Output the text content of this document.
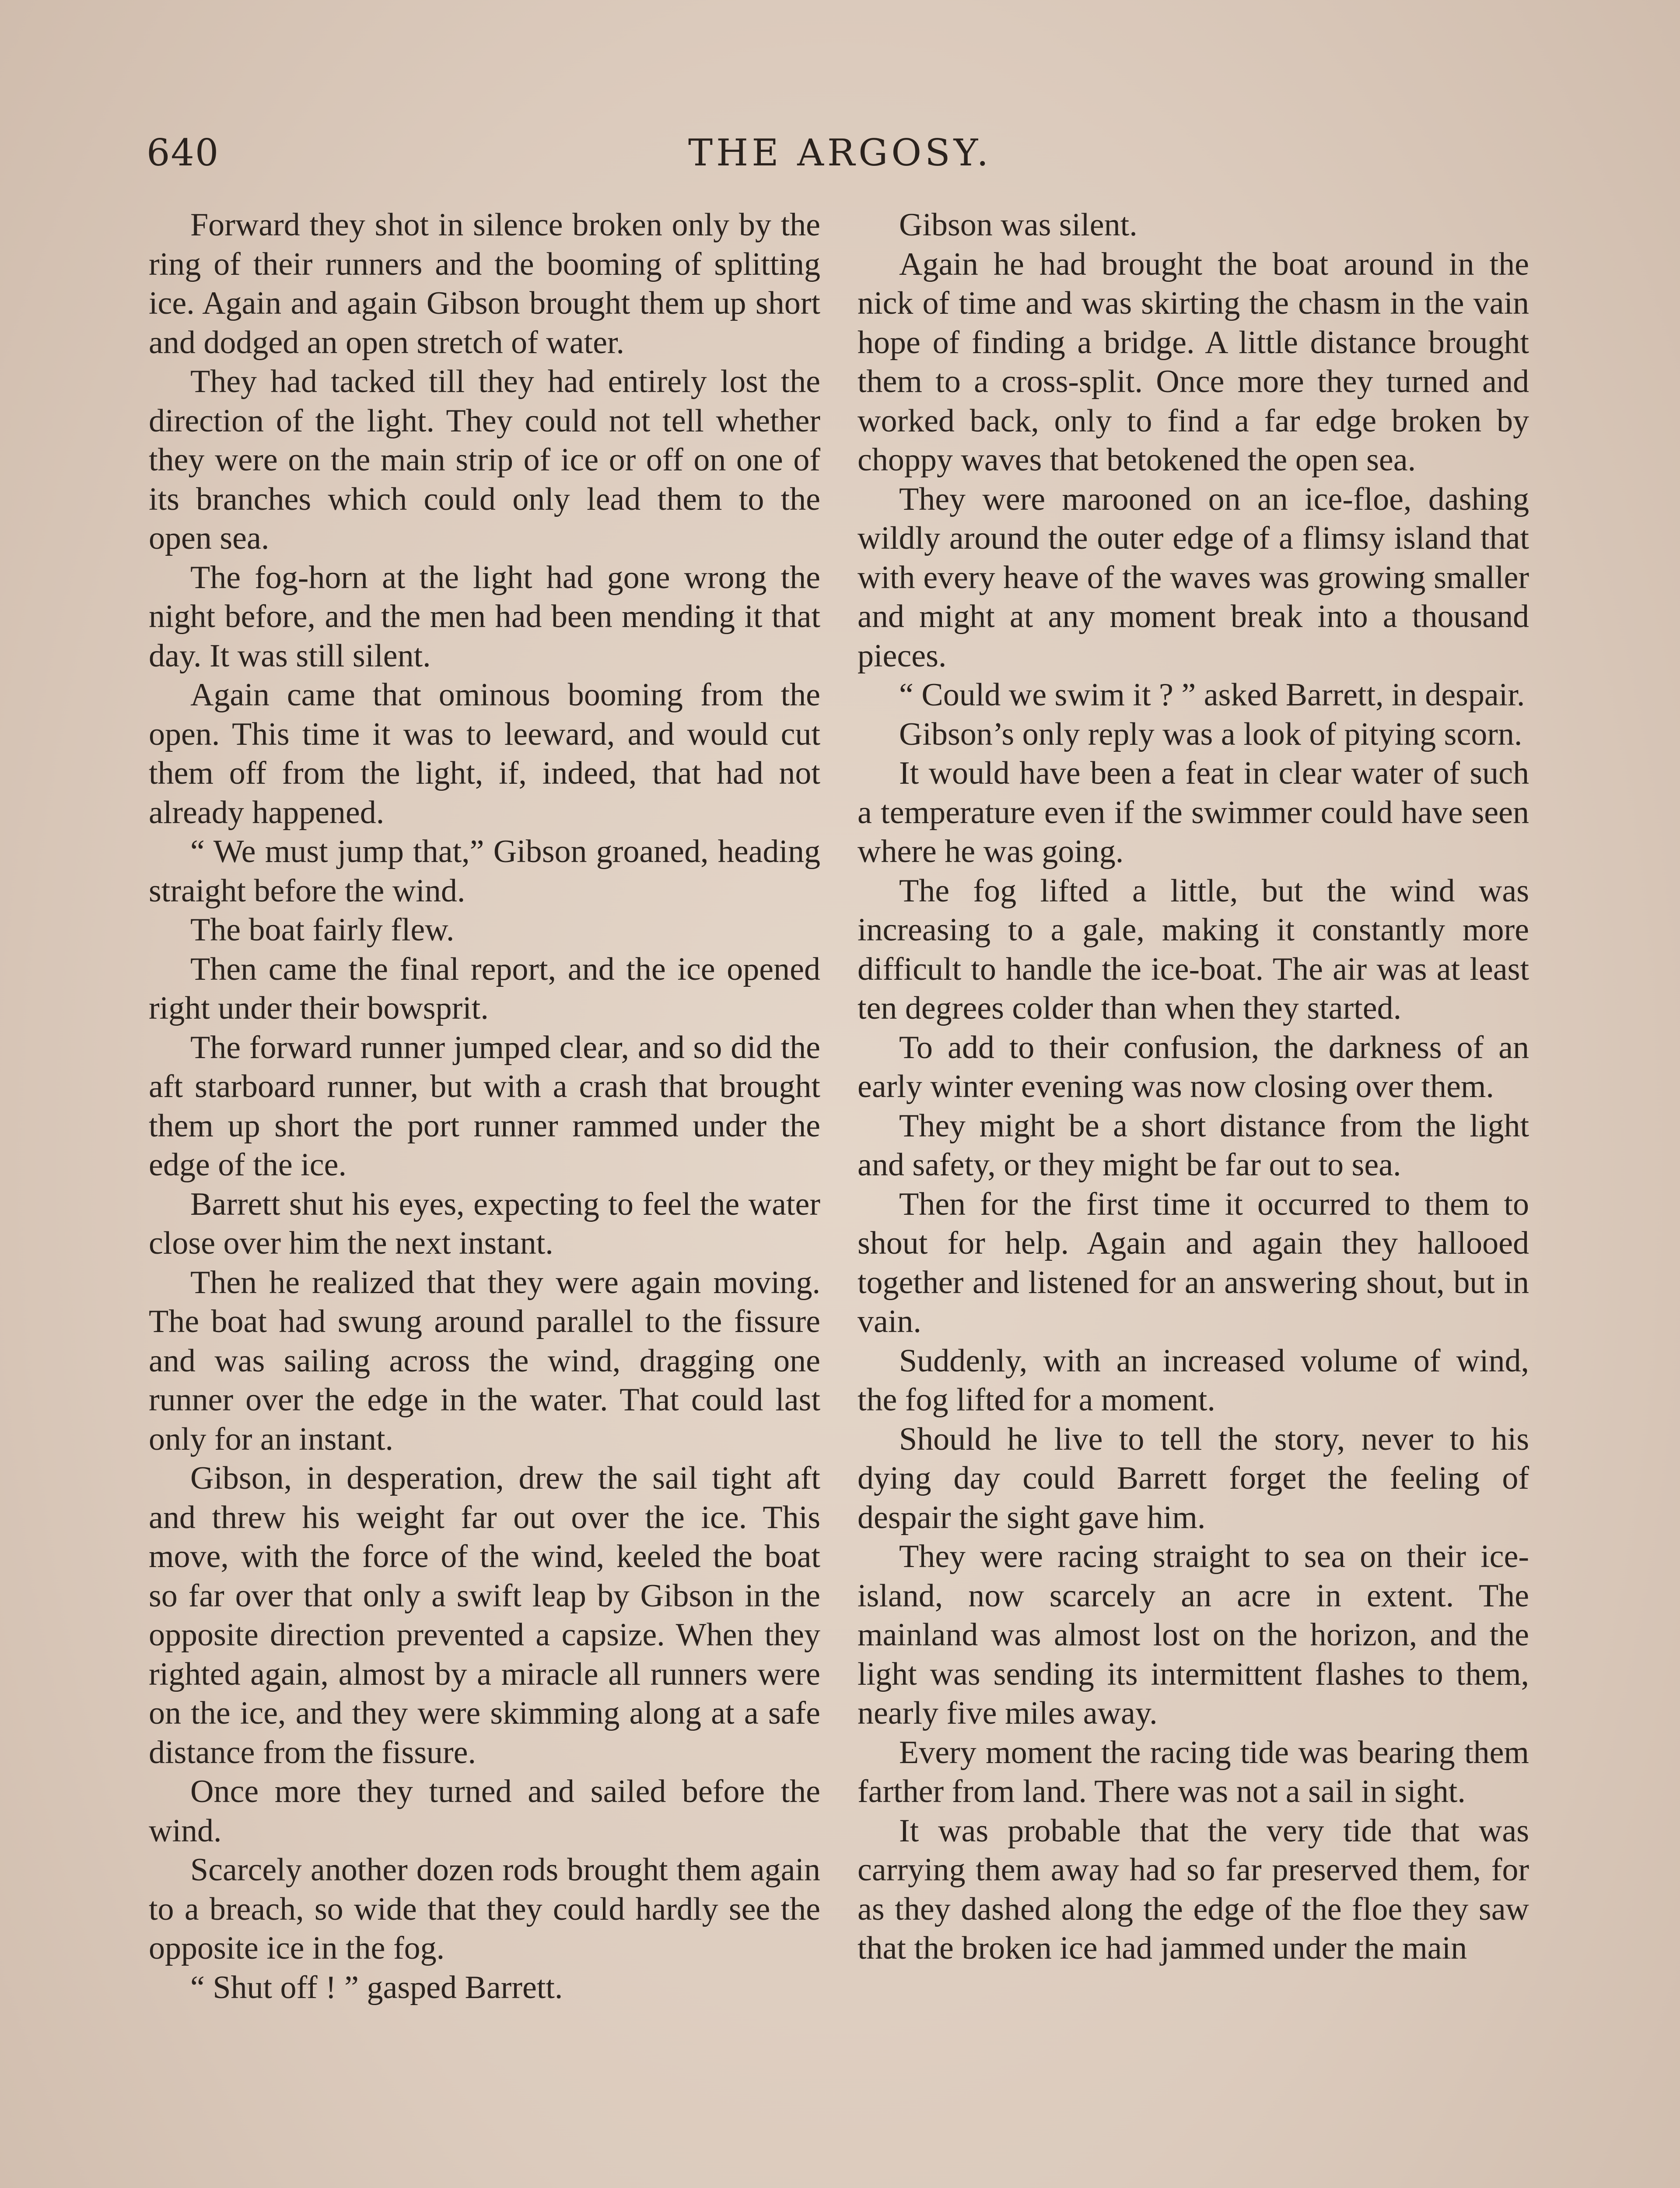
640	THE ARGOSY.

Forward they shot in silence broken only by the ring of their runners and the booming of splitting ice. Again and again Gibson brought them up short and dodged an open stretch of water.

They had tacked till they had entirely lost the direction of the light. They could not tell whether they were on the main strip of ice or off on one of its branches which could only lead them to the open sea.

The fog-horn at the light had gone wrong the night before, and the men had been mending it that day. It was still silent.

Again came that ominous booming from the open. This time it was to leeward, and would cut them off from the light, if, indeed, that had not already happened.

“ We must jump that,” Gibson groaned, heading straight before the wind.

The boat fairly flew.

Then came the final report, and the ice opened right under their bowsprit.

The forward runner jumped clear, and so did the aft starboard runner, but with a crash that brought them up short the port runner rammed under the edge of the ice.

Barrett shut his eyes, expecting to feel the water close over him the next instant.

Then he realized that they were again moving. The boat had swung around parallel to the fissure and was sailing across the wind, dragging one runner over the edge in the water. That could last only for an instant.

Gibson, in desperation, drew the sail tight aft and threw his weight far out over the ice. This move, with the force of the wind, keeled the boat so far over that only a swift leap by Gibson in the opposite direction prevented a capsize. When they righted again, almost by a miracle all runners were on the ice, and they were skimming along at a safe distance from the fissure.

Once more they turned and sailed before the wind.

Scarcely another dozen rods brought them again to a breach, so wide that they could hardly see the opposite ice in the fog.

“ Shut off ! ” gasped Barrett.

Gibson was silent.

Again he had brought the boat around in the nick of time and was skirting the chasm in the vain hope of finding a bridge. A little distance brought them to a cross-split. Once more they turned and worked back, only to find a far edge broken by choppy waves that betokened the open sea.

They were marooned on an ice-floe, dashing wildly around the outer edge of a flimsy island that with every heave of the waves was growing smaller and might at any moment break into a thousand pieces.

“ Could we swim it ? ” asked Barrett, in despair.

Gibson’s only reply was a look of pitying scorn.

It would have been a feat in clear water of such a temperature even if the swimmer could have seen where he was going.

The fog lifted a little, but the wind was increasing to a gale, making it constantly more difficult to handle the ice-boat. The air was at least ten degrees colder than when they started.

To add to their confusion, the darkness of an early winter evening was now closing over them.

They might be a short distance from the light and safety, or they might be far out to sea.

Then for the first time it occurred to them to shout for help. Again and again they hallooed together and listened for an answering shout, but in vain.

Suddenly, with an increased volume of wind, the fog lifted for a moment.

Should he live to tell the story, never to his dying day could Barrett forget the feeling of despair the sight gave him.

They were racing straight to sea on their ice-island, now scarcely an acre in extent. The mainland was almost lost on the horizon, and the light was sending its intermittent flashes to them, nearly five miles away.

Every moment the racing tide was bearing them farther from land. There was not a sail in sight.

It was probable that the very tide that was carrying them away had so far preserved them, for as they dashed along the edge of the floe they saw that the broken ice had jammed under the main
